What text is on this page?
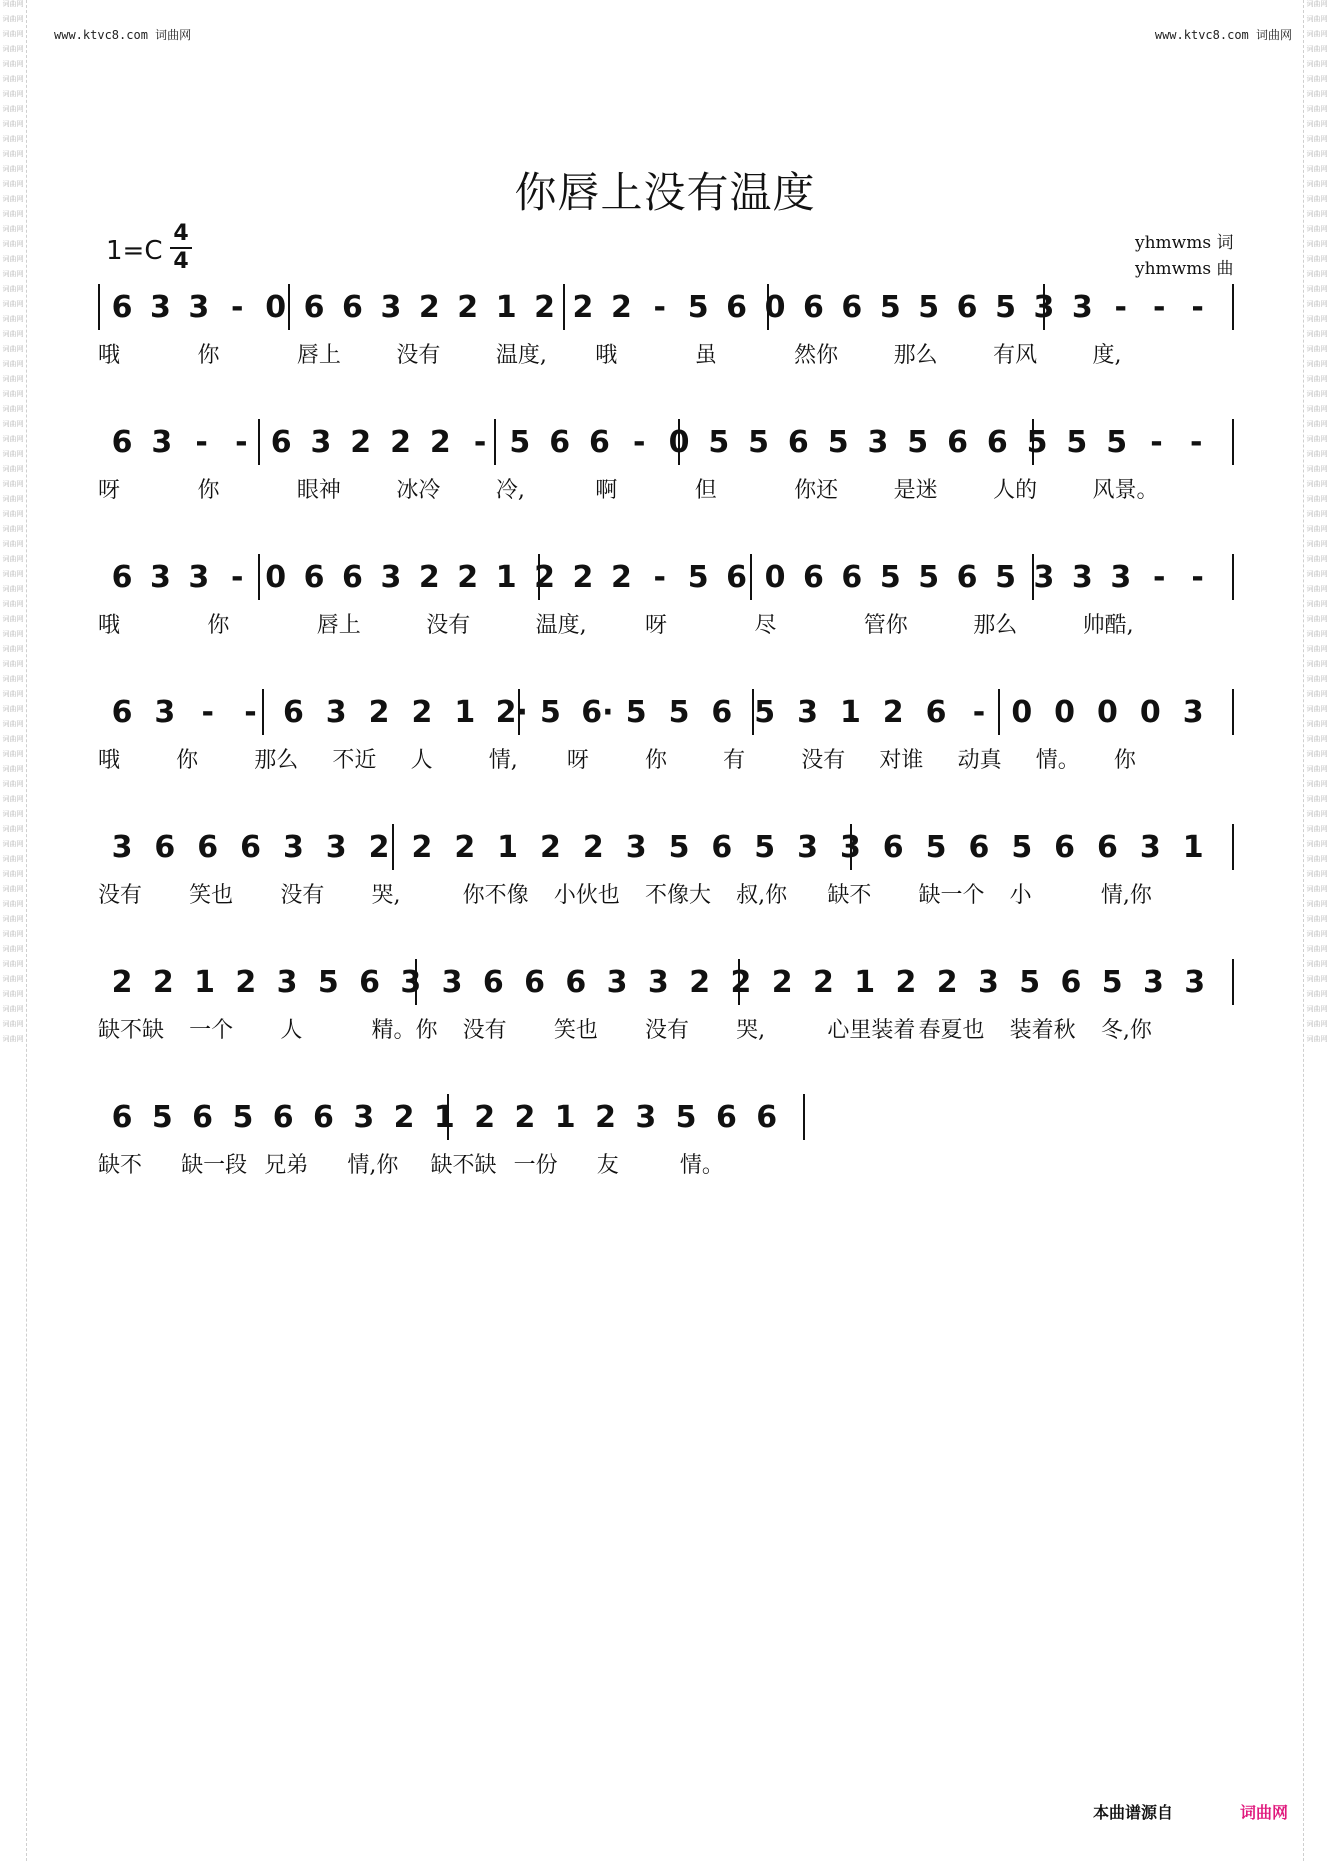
词曲网
词曲网
词曲网
词曲网
词曲网
词曲网
词曲网
词曲网
词曲网
词曲网
词曲网
词曲网
词曲网
词曲网
词曲网
词曲网
词曲网
词曲网
词曲网
词曲网
词曲网
词曲网
词曲网
词曲网
词曲网
词曲网
词曲网
词曲网
词曲网
词曲网
词曲网
词曲网
词曲网
词曲网
词曲网
词曲网
词曲网
词曲网
词曲网
词曲网
词曲网
词曲网
词曲网
词曲网
词曲网
词曲网
词曲网
词曲网
词曲网
词曲网
词曲网
词曲网
词曲网
词曲网
词曲网
词曲网
词曲网
词曲网
词曲网
词曲网
词曲网
词曲网
词曲网
词曲网
词曲网
词曲网
词曲网
词曲网
词曲网
词曲网
词曲网
词曲网
词曲网
词曲网
词曲网
词曲网
词曲网
词曲网
词曲网
词曲网
词曲网
词曲网
词曲网
词曲网
词曲网
词曲网
词曲网
词曲网
词曲网
词曲网
词曲网
词曲网
词曲网
词曲网
词曲网
词曲网
词曲网
词曲网
词曲网
词曲网
词曲网
词曲网
词曲网
词曲网
词曲网
词曲网
词曲网
词曲网
词曲网
词曲网
词曲网
词曲网
词曲网
词曲网
词曲网
词曲网
词曲网
词曲网
词曲网
词曲网
词曲网
词曲网
词曲网
词曲网
词曲网
词曲网
词曲网
词曲网
词曲网
词曲网
词曲网
词曲网
词曲网
词曲网
词曲网
词曲网
词曲网
词曲网
词曲网
词曲网
www.ktvc8.com 词曲网	www.ktvc8.com 词曲网
你唇上没有温度
1=C
4
4
yhmwms 词
yhmwms 曲
6 3 3 - 0 6 6 3 2 2 1 2 2 2 - 5 6 0 6 6 5 5 6 5 3 3 - - -
哦	你	唇上	没有	温度, 哦	虽	然你	那么	有风	度,
6 3 - - 6 3 2 2 2 - 5 6 6 - 0 5 5 6 5 3 5 6 6 5 5 5 - -
呀	你	眼神	冰冷	冷,	啊	但	你还	是迷	人的	风景。
6 3 3 - 0 6 6 3 2 2 1 2 2 2 - 5 6 0 6 6 5 5 6 5 3 3 3 - -
哦	你	唇上	没有	温度,	呀	尽	管你	那么	帅酷,
6 3 - - 6 3 2 2 1 2· 5 6· 5 5 6 5 3 1 2 6 - 0 0 0 0 3
哦	你	那么 不近 人	情, 呀	你	有	没有 对谁 动真 情。 你
3 6 6 6 3 3 2 2 2 1 2 2 3 5 6 5 3 3 6 5 6 5 6 6 3 1
没有 笑也 没有 哭,	你不像 小伙也 不像大 叔,你 缺不 缺一个 小	情,你
2 2 1 2 3 5 6 3 3 6 6 6 3 3 2 2 2 2 1 2 2 3 5 6 5 3 3
缺不缺 一个 人	精。你 没有 笑也 没有 哭,	心里装着 春夏也 装着秋 冬,你
6 5 6 5 6 6 3 2 1 2 2 1 2 3 5 6 6
缺不 缺一段 兄弟 情,你 缺不缺 一份 友	情。
本曲谱源自	词曲网
